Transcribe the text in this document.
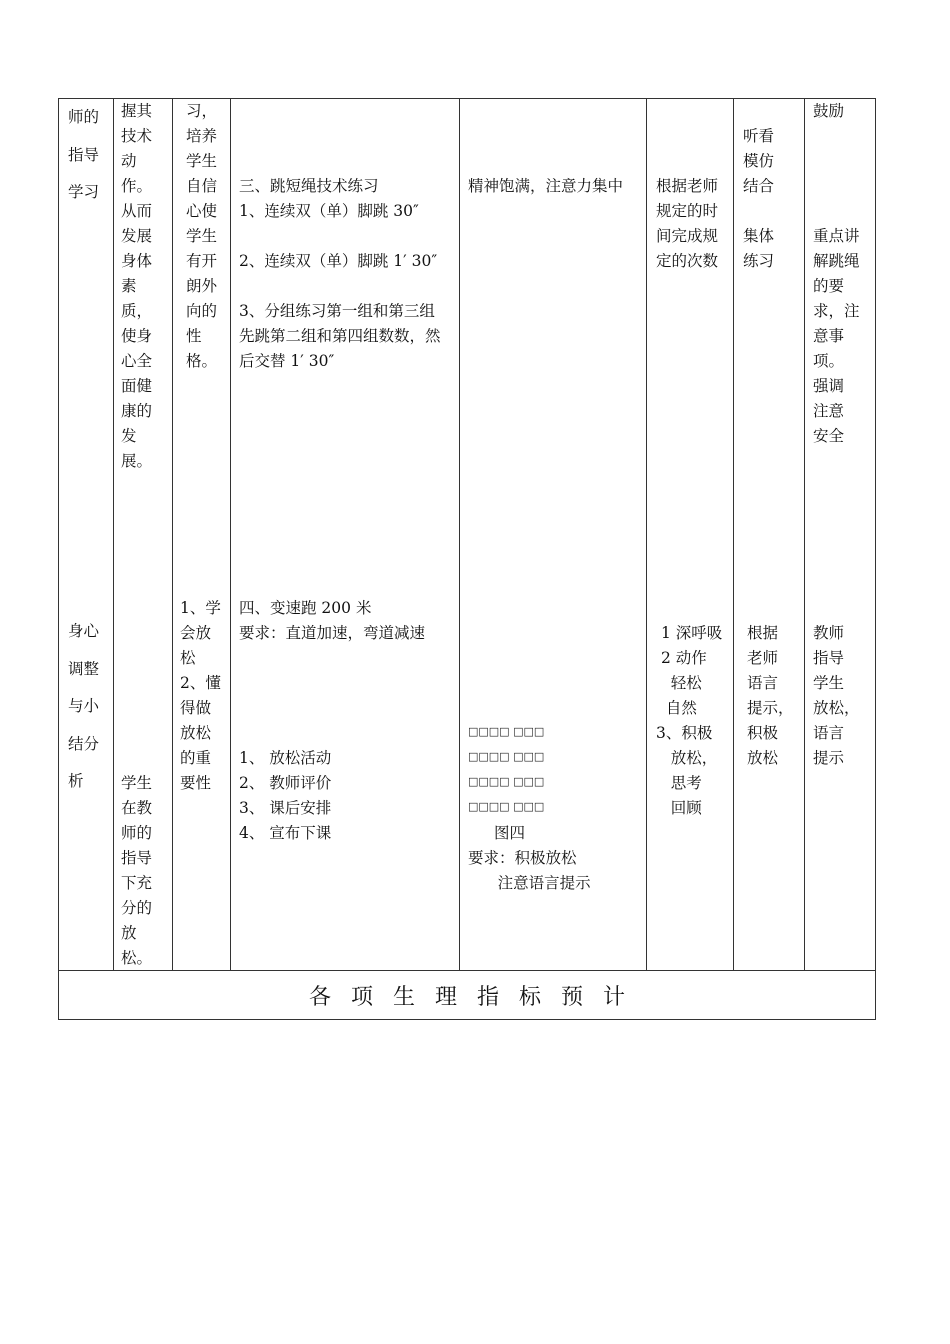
师的
指导
学习
身心
调整
与小
结分
析
握其
技术
动
作。
从而
发展
身体
素
质，
使身
心全
面健
康的
发
展。
学生
在教
师的
指导
下充
分的
放
松。
习，
培养
学生
自信
心使
学生
有开
朗外
向的
性
格。
1、学
会放
松
2、懂
得做
放松
的重
要性
三、跳短绳技术练习
1、连续双（单）脚跳 30″

2、连续双（单）脚跳 1′ 30″

3、分组练习第一组和第三组
先跳第二组和第四组数数，然
后交替 1′ 30″
四、变速跑 200 米
要求：直道加速，弯道减速
1、 放松活动
2、 教师评价
3、 课后安排
4、 宣布下课
精神饱满，注意力集中
□□□□ □□□
□□□□ □□□
□□□□ □□□
□□□□ □□□
图四
要求：积极放松
注意语言提示
根据老师
规定的时
间完成规
定的次数
1 深呼吸
2 动作
轻松
自然
3、积极
放松，
思考
回顾
听看
模仿
结合

集体
练习
根据
老师
语言
提示，
积极
放松
鼓励

重点讲
解跳绳
的要
求，注
意事
项。
强调
注意
安全
教师
指导
学生
放松，
语言
提示
各项生理指标预计
